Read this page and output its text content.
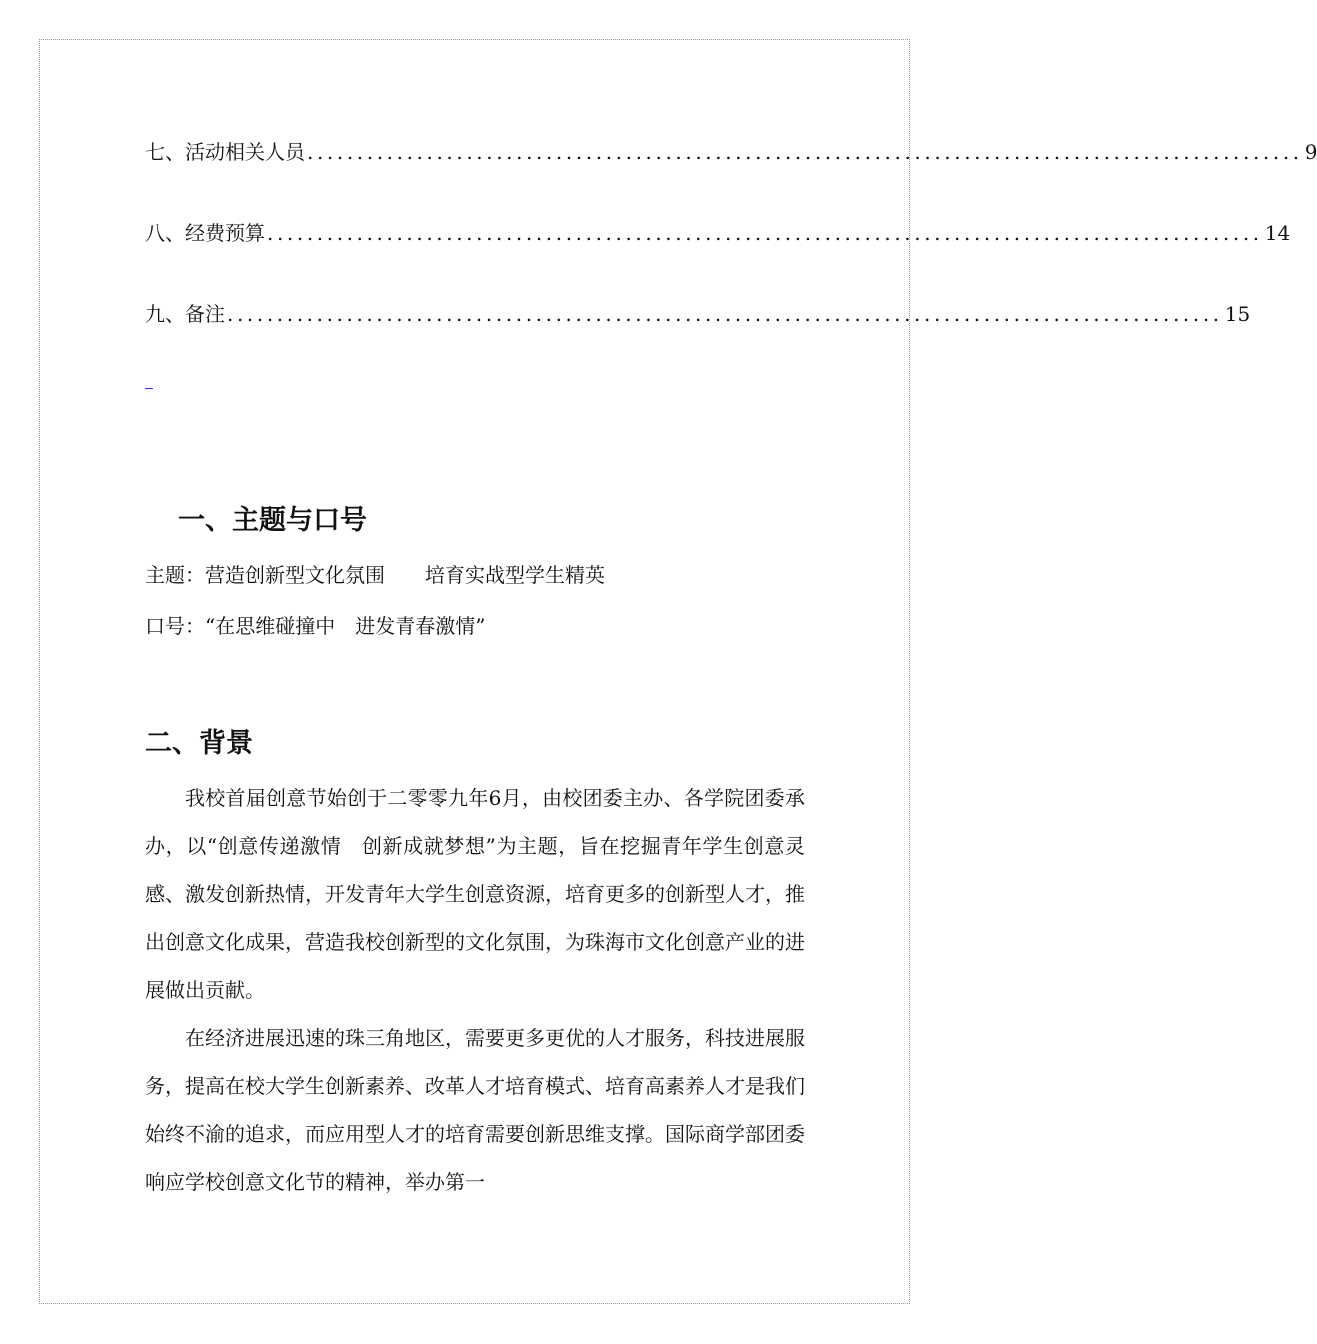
七、活动相关人员 .................................................................................................... 9
八、经费预算 .................................................................................................... 14
九、备注 .................................................................................................... 15
一、主题与口号
主题：营造创新型文化氛围　　培育实战型学生精英
口号：“在思维碰撞中　进发青春激情”
二、背景

我校首届创意节始创于二零零九年6月，由校团委主办、各学院团委承办，以“创意传递激情　创新成就梦想”为主题，旨在挖掘青年学生创意灵感、激发创新热情，开发青年大学生创意资源，培育更多的创新型人才，推出创意文化成果，营造我校创新型的文化氛围，为珠海市文化创意产业的进展做出贡献。

在经济进展迅速的珠三角地区，需要更多更优的人才服务，科技进展服务，提高在校大学生创新素养、改革人才培育模式、培育高素养人才是我们始终不渝的追求，而应用型人才的培育需要创新思维支撑。国际商学部团委响应学校创意文化节的精神，举办第一
